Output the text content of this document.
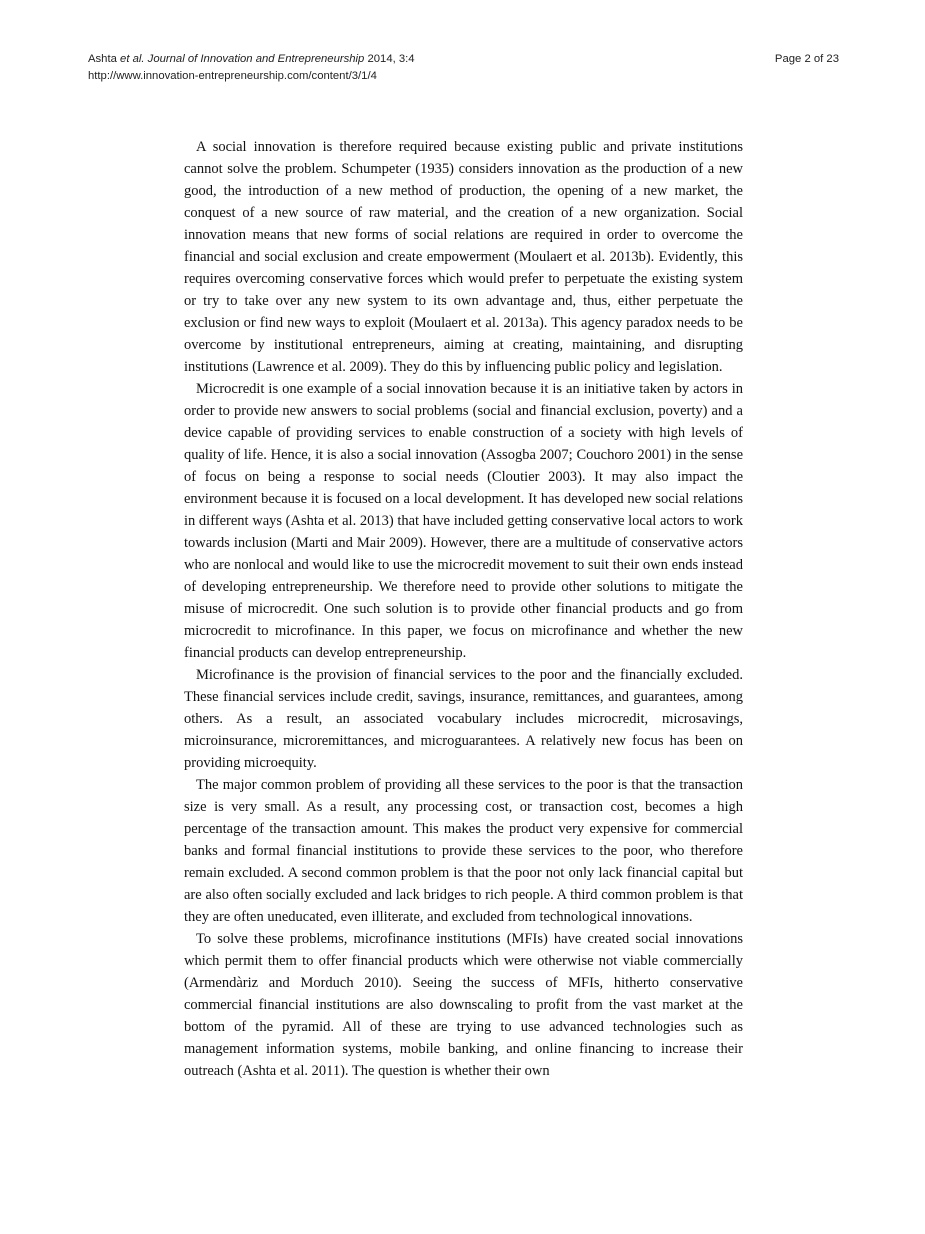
Ashta et al. Journal of Innovation and Entrepreneurship 2014, 3:4
http://www.innovation-entrepreneurship.com/content/3/1/4
Page 2 of 23

A social innovation is therefore required because existing public and private institutions cannot solve the problem. Schumpeter (1935) considers innovation as the production of a new good, the introduction of a new method of production, the opening of a new market, the conquest of a new source of raw material, and the creation of a new organization. Social innovation means that new forms of social relations are required in order to overcome the financial and social exclusion and create empowerment (Moulaert et al. 2013b). Evidently, this requires overcoming conservative forces which would prefer to perpetuate the existing system or try to take over any new system to its own advantage and, thus, either perpetuate the exclusion or find new ways to exploit (Moulaert et al. 2013a). This agency paradox needs to be overcome by institutional entrepreneurs, aiming at creating, maintaining, and disrupting institutions (Lawrence et al. 2009). They do this by influencing public policy and legislation.

Microcredit is one example of a social innovation because it is an initiative taken by actors in order to provide new answers to social problems (social and financial exclusion, poverty) and a device capable of providing services to enable construction of a society with high levels of quality of life. Hence, it is also a social innovation (Assogba 2007; Couchoro 2001) in the sense of focus on being a response to social needs (Cloutier 2003). It may also impact the environment because it is focused on a local development. It has developed new social relations in different ways (Ashta et al. 2013) that have included getting conservative local actors to work towards inclusion (Marti and Mair 2009). However, there are a multitude of conservative actors who are nonlocal and would like to use the microcredit movement to suit their own ends instead of developing entrepreneurship. We therefore need to provide other solutions to mitigate the misuse of microcredit. One such solution is to provide other financial products and go from microcredit to microfinance. In this paper, we focus on microfinance and whether the new financial products can develop entrepreneurship.

Microfinance is the provision of financial services to the poor and the financially excluded. These financial services include credit, savings, insurance, remittances, and guarantees, among others. As a result, an associated vocabulary includes microcredit, microsavings, microinsurance, microremittances, and microguarantees. A relatively new focus has been on providing microequity.

The major common problem of providing all these services to the poor is that the transaction size is very small. As a result, any processing cost, or transaction cost, becomes a high percentage of the transaction amount. This makes the product very expensive for commercial banks and formal financial institutions to provide these services to the poor, who therefore remain excluded. A second common problem is that the poor not only lack financial capital but are also often socially excluded and lack bridges to rich people. A third common problem is that they are often uneducated, even illiterate, and excluded from technological innovations.

To solve these problems, microfinance institutions (MFIs) have created social innovations which permit them to offer financial products which were otherwise not viable commercially (Armendàriz and Morduch 2010). Seeing the success of MFIs, hitherto conservative commercial financial institutions are also downscaling to profit from the vast market at the bottom of the pyramid. All of these are trying to use advanced technologies such as management information systems, mobile banking, and online financing to increase their outreach (Ashta et al. 2011). The question is whether their own
